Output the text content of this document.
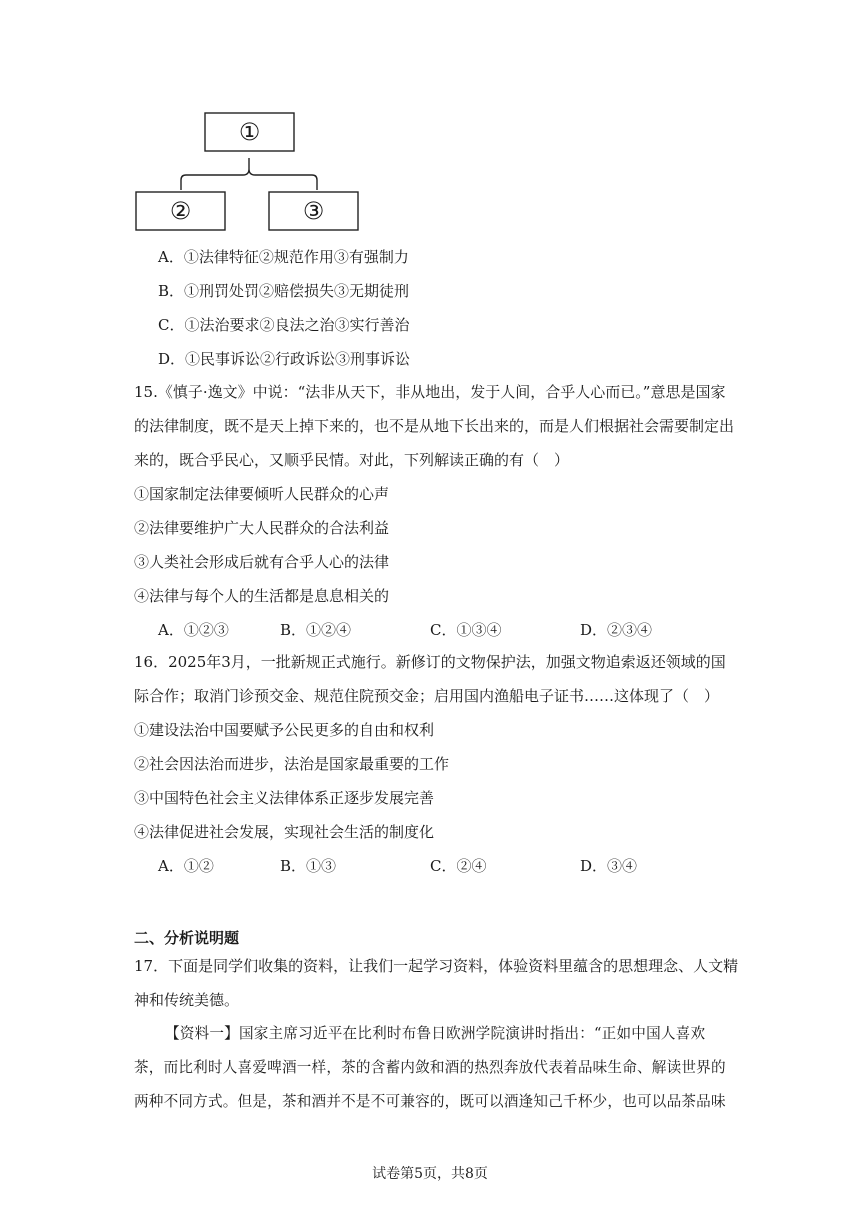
①
②	③
A．①法律特征②规范作用③有强制力
B．①刑罚处罚②赔偿损失③无期徒刑
C．①法治要求②良法之治③实行善治
D．①民事诉讼②行政诉讼③刑事诉讼
15.《慎子·逸文》中说：“法非从天下，非从地出，发于人间，合乎人心而已。”意思是国家
的法律制度，既不是天上掉下来的，也不是从地下长出来的，而是人们根据社会需要制定出
来的，既合乎民心，又顺乎民情。对此，下列解读正确的有（　）
①国家制定法律要倾听人民群众的心声
②法律要维护广大人民群众的合法利益
③人类社会形成后就有合乎人心的法律
④法律与每个人的生活都是息息相关的
A．①②③	B．①②④	C．①③④	D．②③④
16．2025年3月，一批新规正式施行。新修订的文物保护法，加强文物追索返还领域的国
际合作；取消门诊预交金、规范住院预交金；启用国内渔船电子证书……这体现了（　）
①建设法治中国要赋予公民更多的自由和权利
②社会因法治而进步，法治是国家最重要的工作
③中国特色社会主义法律体系正逐步发展完善
④法律促进社会发展，实现社会生活的制度化
A．①②	B．①③	C．②④	D．③④
二、分析说明题
17．下面是同学们收集的资料，让我们一起学习资料，体验资料里蕴含的思想理念、人文精
神和传统美德。
【资料一】国家主席习近平在比利时布鲁日欧洲学院演讲时指出：“正如中国人喜欢
茶，而比利时人喜爱啤酒一样，茶的含蓄内敛和酒的热烈奔放代表着品味生命、解读世界的
两种不同方式。但是，茶和酒并不是不可兼容的，既可以酒逢知己千杯少，也可以品茶品味
试卷第5页，共8页
